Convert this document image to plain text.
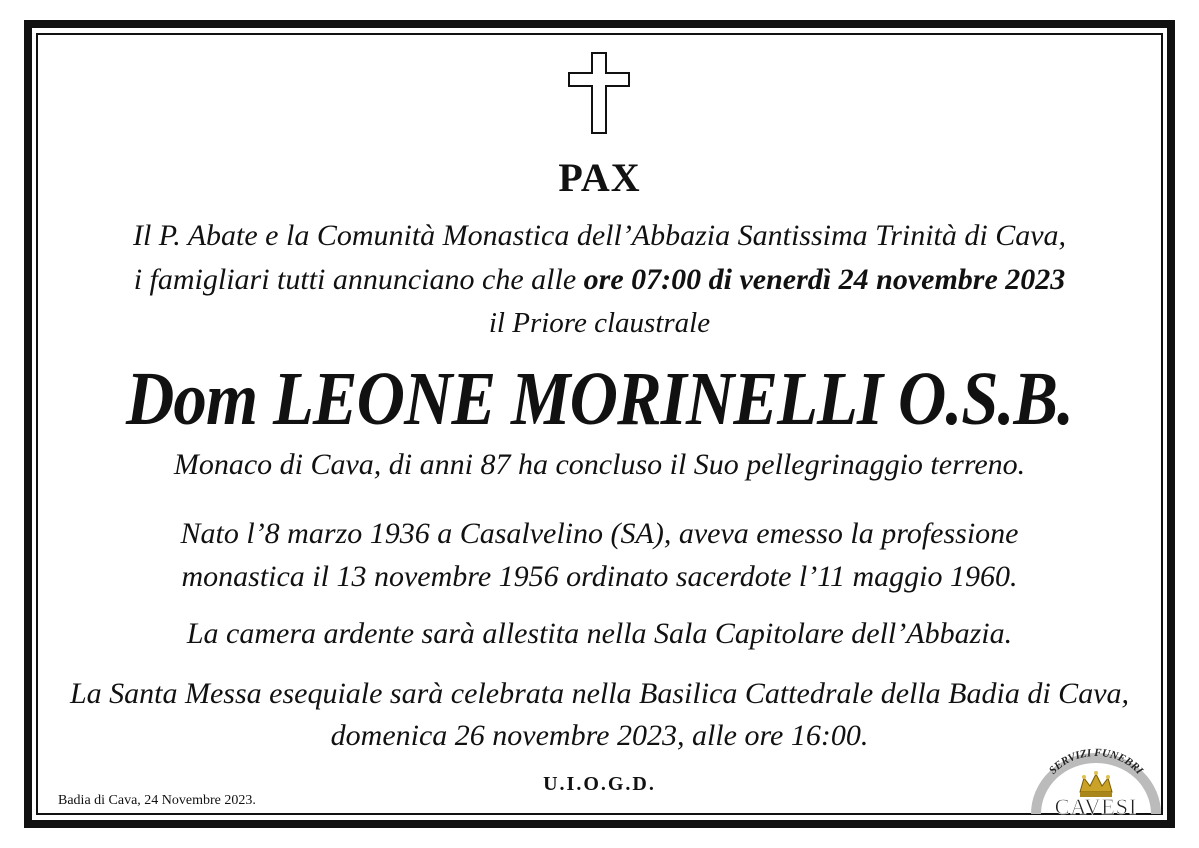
PAX
Il P. Abate e la Comunità Monastica dell’Abbazia Santissima Trinità di Cava,
i famigliari tutti annunciano che alle ore 07:00 di venerdì 24 novembre 2023
il Priore claustrale
Dom LEONE MORINELLI O.S.B.
Monaco di Cava, di anni 87 ha concluso il Suo pellegrinaggio terreno.
Nato l’8 marzo 1936 a Casalvelino (SA), aveva emesso la professione
monastica il 13 novembre 1956 ordinato sacerdote l’11 maggio 1960.
La camera ardente sarà allestita nella Sala Capitolare dell’Abbazia.
La Santa Messa esequiale sarà celebrata nella Basilica Cattedrale della Badia di Cava,
domenica 26 novembre 2023, alle ore 16:00.
U.I.O.G.D.
Badia di Cava, 24 Novembre 2023.
SERVIZI FUNEBRI
CAVESI
